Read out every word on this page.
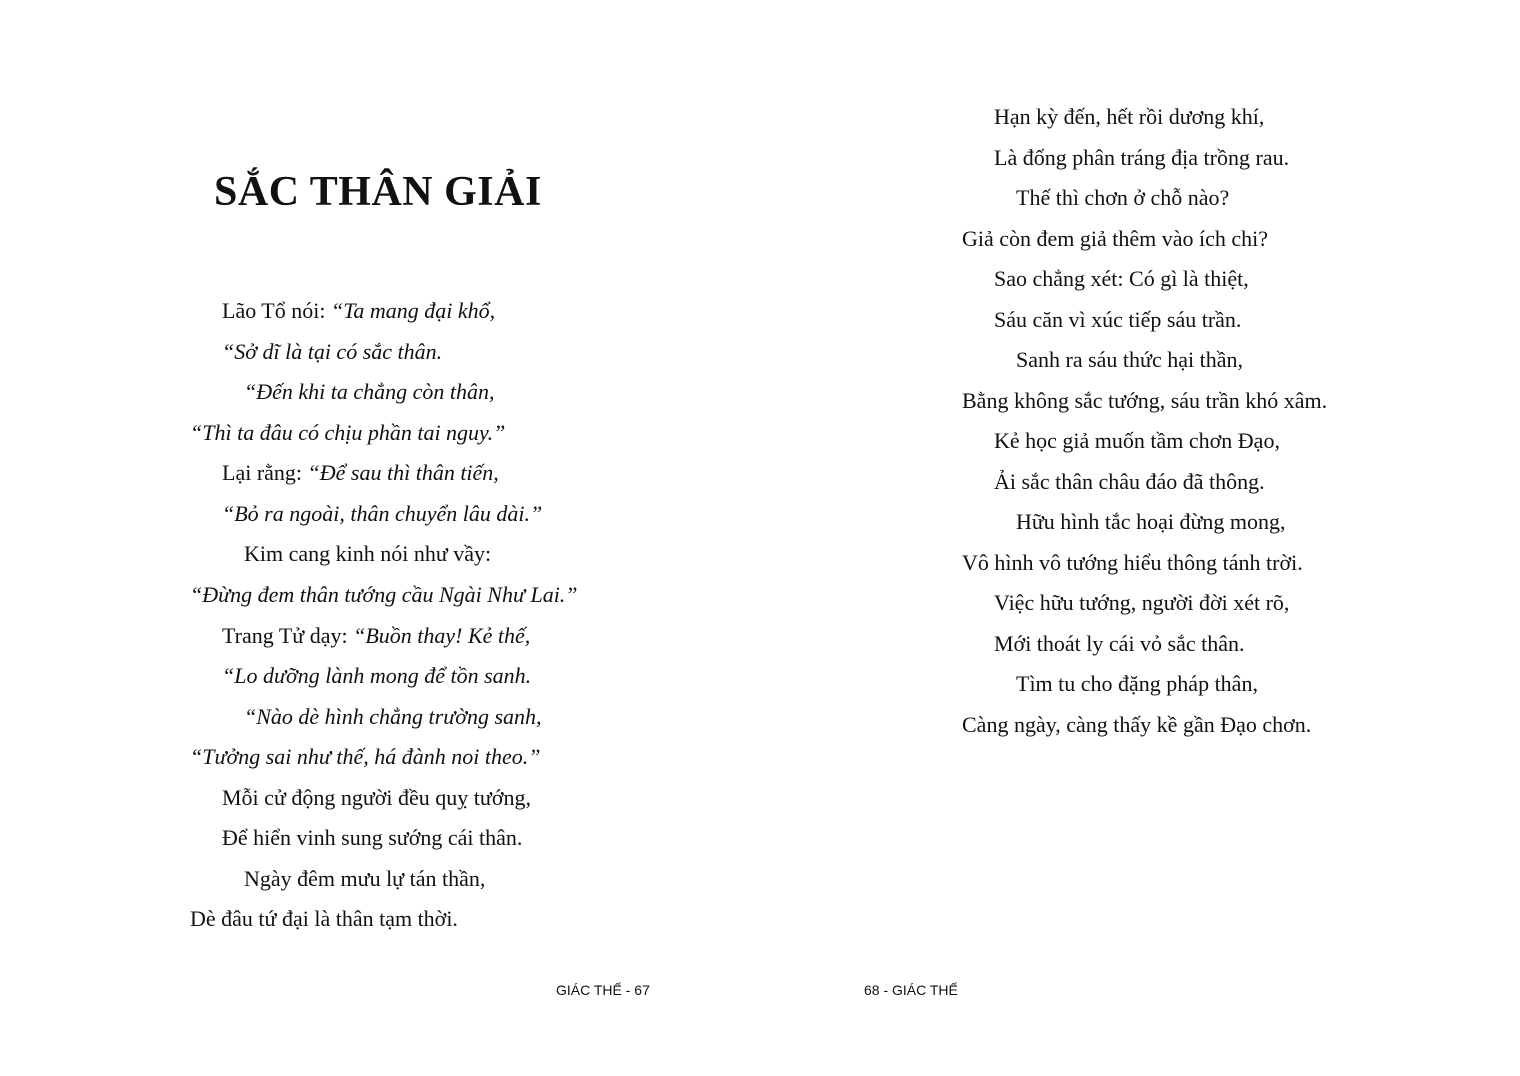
SẮC THÂN GIẢI
Lão Tổ nói: “Ta mang đại khổ,
“Sở dĩ là tại có sắc thân.
“Đến khi ta chẳng còn thân,
“Thì ta đâu có chịu phần tai nguy.”
Lại rằng: “Để sau thì thân tiến,
“Bỏ ra ngoài, thân chuyển lâu dài.”
Kim cang kinh nói như vầy:
“Đừng đem thân tướng cầu Ngài Như Lai.”
Trang Tử dạy: “Buồn thay! Kẻ thế,
“Lo dưỡng lành mong để tồn sanh.
“Nào dè hình chẳng trường sanh,
“Tưởng sai như thế, há đành noi theo.”
Mỗi cử động người đều quỵ tướng,
Để hiển vinh sung sướng cái thân.
Ngày đêm mưu lự tán thần,
Dè đâu tứ đại là thân tạm thời.
GIÁC THẾ - 67
Hạn kỳ đến, hết rồi dương khí,
Là đống phân tráng địa trồng rau.
Thế thì chơn ở chỗ nào?
Giả còn đem giả thêm vào ích chi?
Sao chẳng xét: Có gì là thiệt,
Sáu căn vì xúc tiếp sáu trần.
Sanh ra sáu thức hại thần,
Bằng không sắc tướng, sáu trần khó xâm.
Kẻ học giả muốn tầm chơn Đạo,
Ải sắc thân châu đáo đã thông.
Hữu hình tắc hoại đừng mong,
Vô hình vô tướng hiểu thông tánh trời.
Việc hữu tướng, người đời xét rõ,
Mới thoát ly cái vỏ sắc thân.
Tìm tu cho đặng pháp thân,
Càng ngày, càng thấy kề gần Đạo chơn.
68 - GIÁC THẾ
